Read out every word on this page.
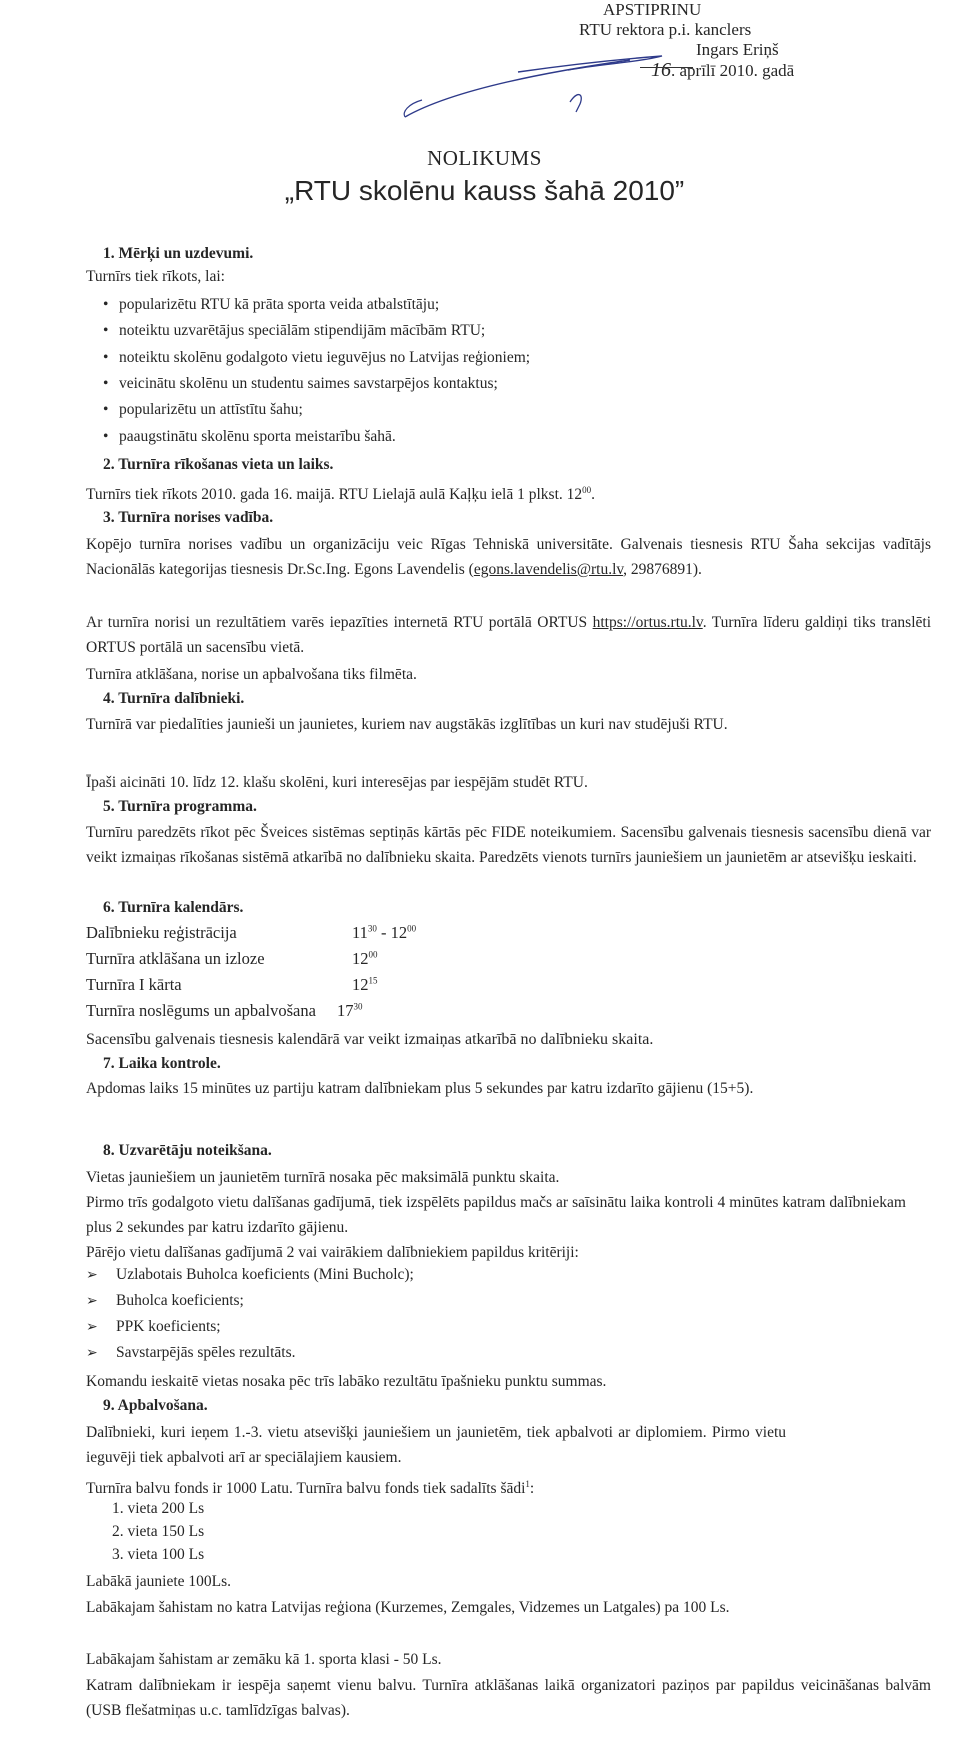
APSTIPRINU
RTU rektora p.i. kanclers
Ingars Eriņš
16. aprīlī 2010. gadā
NOLIKUMS
„RTU skolēnu kauss šahā 2010”
1. Mērķi un uzdevumi.
Turnīrs tiek rīkots, lai:
• popularizētu RTU kā prāta sporta veida atbalstītāju;
• noteiktu uzvarētājus speciālām stipendijām mācībām RTU;
• noteiktu skolēnu godalgoto vietu ieguvējus no Latvijas reģioniem;
• veicinātu skolēnu un studentu saimes savstarpējos kontaktus;
• popularizētu un attīstītu šahu;
• paaugstinātu skolēnu sporta meistarību šahā.
2. Turnīra rīkošanas vieta un laiks.
Turnīrs tiek rīkots 2010. gada 16. maijā. RTU Lielajā aulā Kaļķu ielā 1 plkst. $12^{00}$.
3. Turnīra norises vadība.
Kopējo turnīra norises vadību un organizāciju veic Rīgas Tehniskā universitāte. Galvenais tiesnesis RTU Šaha sekcijas vadītājs Nacionālās kategorijas tiesnesis Dr.Sc.Ing. Egons Lavendelis (egons.lavendelis@rtu.lv, 29876891).
Ar turnīra norisi un rezultātiem varēs iepazīties internetā RTU portālā ORTUS https://ortus.rtu.lv. Turnīra līderu galdiņi tiks translēti ORTUS portālā un sacensību vietā.
Turnīra atklāšana, norise un apbalvošana tiks filmēta.
4. Turnīra dalībnieki.
Turnīrā var piedalīties jaunieši un jaunietes, kuriem nav augstākās izglītības un kuri nav studējuši RTU.
Īpaši aicināti 10. līdz 12. klašu skolēni, kuri interesējas par iespējām studēt RTU.
5. Turnīra programma.
Turnīru paredzēts rīkot pēc Šveices sistēmas septiņās kārtās pēc FIDE noteikumiem. Sacensību galvenais tiesnesis sacensību dienā var veikt izmaiņas rīkošanas sistēmā atkarībā no dalībnieku skaita. Paredzēts vienots turnīrs jauniešiem un jaunietēm ar atsevišķu ieskaiti.
6. Turnīra kalendārs.
Dalībnieku reģistrācija	$11^{30} - 12^{00}$
Turnīra atklāšana un izloze	$12^{00}$
Turnīra I kārta	$12^{15}$
Turnīra noslēgums un apbalvošana $17^{30}$
Sacensību galvenais tiesnesis kalendārā var veikt izmaiņas atkarībā no dalībnieku skaita.
7. Laika kontrole.
Apdomas laiks 15 minūtes uz partiju katram dalībniekam plus 5 sekundes par katru izdarīto gājienu (15+5).
8. Uzvarētāju noteikšana.
Vietas jauniešiem un jaunietēm turnīrā nosaka pēc maksimālā punktu skaita.
Pirmo trīs godalgoto vietu dalīšanas gadījumā, tiek izspēlēts papildus mačs ar saīsinātu laika kontroli 4 minūtes katram dalībniekam plus 2 sekundes par katru izdarīto gājienu.
Pārējo vietu dalīšanas gadījumā 2 vai vairākiem dalībniekiem papildus kritēriji:
➢ Uzlabotais Buholca koeficients (Mini Bucholc);
➢ Buholca koeficients;
➢ PPK koeficients;
➢ Savstarpējās spēles rezultāts.
Komandu ieskaitē vietas nosaka pēc trīs labāko rezultātu īpašnieku punktu summas.
9. Apbalvošana.
Dalībnieki, kuri ieņem 1.-3. vietu atsevišķi jauniešiem un jaunietēm, tiek apbalvoti ar diplomiem. Pirmo vietu ieguvēji tiek apbalvoti arī ar speciālajiem kausiem.
Turnīra balvu fonds ir 1000 Latu. Turnīra balvu fonds tiek sadalīts šādi$^1$:
1. vieta 200 Ls
2. vieta 150 Ls
3. vieta 100 Ls
Labākā jauniete 100Ls.
Labākajam šahistam no katra Latvijas reģiona (Kurzemes, Zemgales, Vidzemes un Latgales) pa 100 Ls.
Labākajam šahistam ar zemāku kā 1. sporta klasi - 50 Ls.
Katram dalībniekam ir iespēja saņemt vienu balvu. Turnīra atklāšanas laikā organizatori paziņos par papildus veicināšanas balvām (USB flešatmiņas u.c. tamlīdzīgas balvas).
